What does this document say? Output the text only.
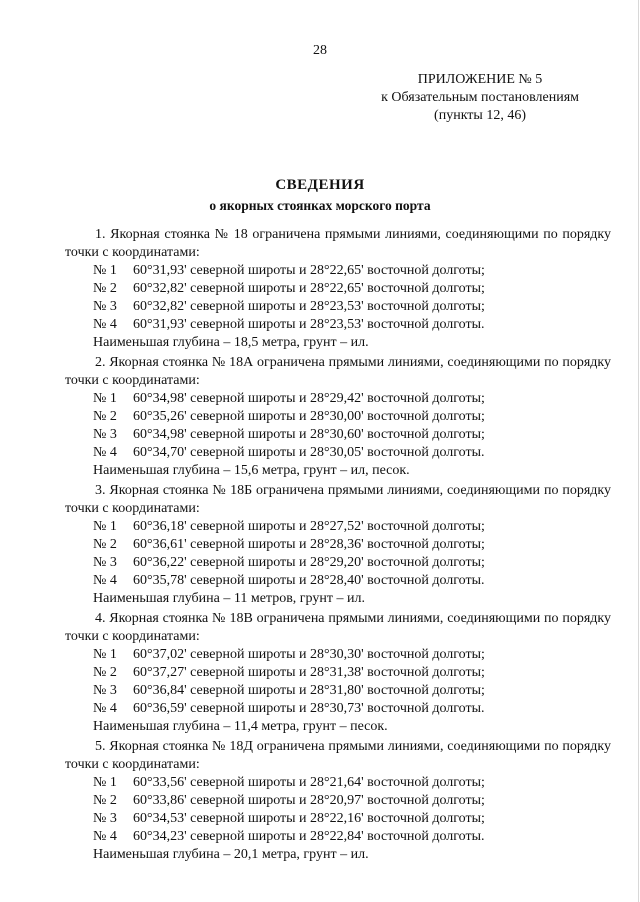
28
ПРИЛОЖЕНИЕ № 5
к Обязательным постановлениям
(пункты 12, 46)
СВЕДЕНИЯ
о якорных стоянках морского порта

1. Якорная стоянка № 18 ограничена прямыми линиями, соединяющими по порядку точки с координатами:

№ 1 60°31,93' северной широты и 28°22,65' восточной долготы;
№ 2 60°32,82' северной широты и 28°22,65' восточной долготы;
№ 3 60°32,82' северной широты и 28°23,53' восточной долготы;
№ 4 60°31,93' северной широты и 28°23,53' восточной долготы.
Наименьшая глубина – 18,5 метра, грунт – ил.

2. Якорная стоянка № 18А ограничена прямыми линиями, соединяющими по порядку точки с координатами:

№ 1 60°34,98' северной широты и 28°29,42' восточной долготы;
№ 2 60°35,26' северной широты и 28°30,00' восточной долготы;
№ 3 60°34,98' северной широты и 28°30,60' восточной долготы;
№ 4 60°34,70' северной широты и 28°30,05' восточной долготы.
Наименьшая глубина – 15,6 метра, грунт – ил, песок.

3. Якорная стоянка № 18Б ограничена прямыми линиями, соединяющими по порядку точки с координатами:

№ 1 60°36,18' северной широты и 28°27,52' восточной долготы;
№ 2 60°36,61' северной широты и 28°28,36' восточной долготы;
№ 3 60°36,22' северной широты и 28°29,20' восточной долготы;
№ 4 60°35,78' северной широты и 28°28,40' восточной долготы.
Наименьшая глубина – 11 метров, грунт – ил.

4. Якорная стоянка № 18В ограничена прямыми линиями, соединяющими по порядку точки с координатами:

№ 1 60°37,02' северной широты и 28°30,30' восточной долготы;
№ 2 60°37,27' северной широты и 28°31,38' восточной долготы;
№ 3 60°36,84' северной широты и 28°31,80' восточной долготы;
№ 4 60°36,59' северной широты и 28°30,73' восточной долготы.
Наименьшая глубина – 11,4 метра, грунт – песок.

5. Якорная стоянка № 18Д ограничена прямыми линиями, соединяющими по порядку точки с координатами:

№ 1 60°33,56' северной широты и 28°21,64' восточной долготы;
№ 2 60°33,86' северной широты и 28°20,97' восточной долготы;
№ 3 60°34,53' северной широты и 28°22,16' восточной долготы;
№ 4 60°34,23' северной широты и 28°22,84' восточной долготы.
Наименьшая глубина – 20,1 метра, грунт – ил.
